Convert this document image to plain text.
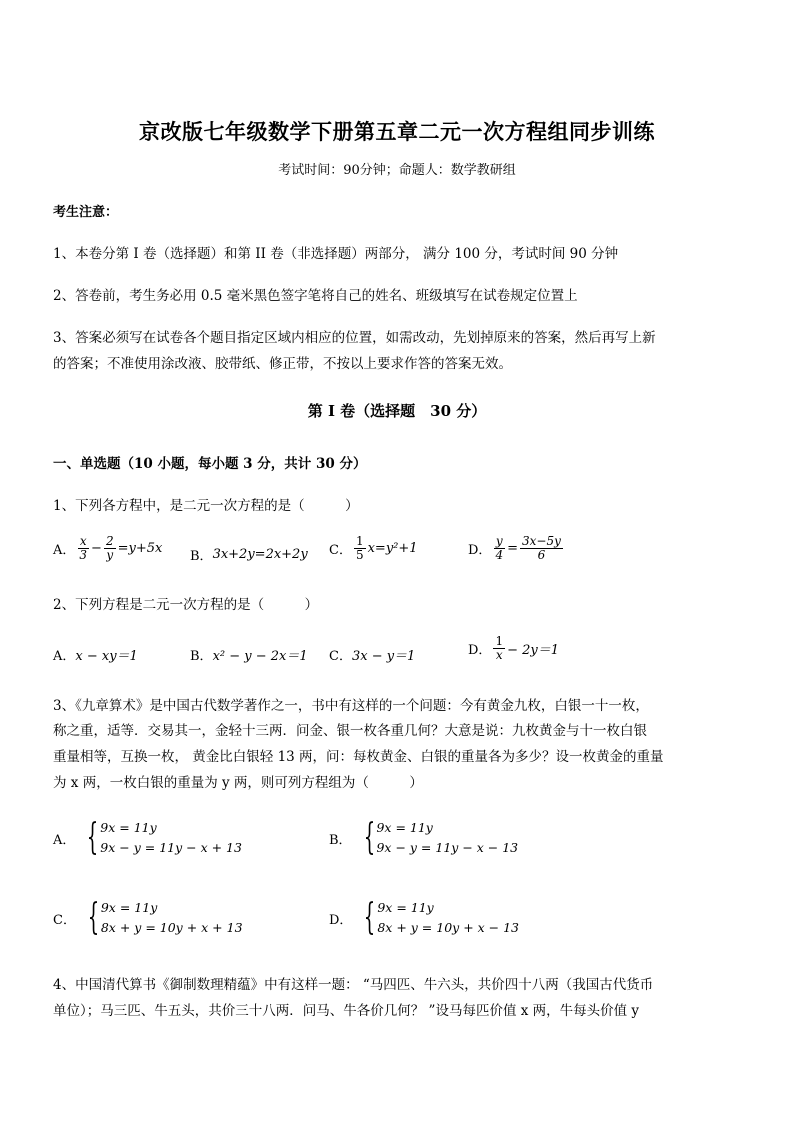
京改版七年级数学下册第五章二元一次方程组同步训练
考试时间：90分钟；命题人：数学教研组
考生注意：
1、本卷分第 I 卷（选择题）和第 II 卷（非选择题）两部分， 满分 100 分，考试时间 90 分钟
2、答卷前，考生务必用 0.5 毫米黑色签字笔将自己的姓名、班级填写在试卷规定位置上
3、答案必须写在试卷各个题目指定区域内相应的位置，如需改动，先划掉原来的答案，然后再写上新
的答案；不准使用涂改液、胶带纸、修正带，不按以上要求作答的答案无效。
第 I 卷（选择题　30 分）
一、单选题（10 小题，每小题 3 分，共计 30 分）
1、下列各方程中，是二元一次方程的是（　　　）
A． $\frac{x}{3} - \frac{2}{y} =y+5x$
B． 3x+2y=2x+2y C． $\frac{1}{5} x=y^2+1$	D． $\frac{y}{4} = \frac{3x-5y}{6}$
2、下列方程是二元一次方程的是（　　　）
A． x − xy＝1	B． x² − y − 2x＝1 C． 3x − y＝1	D． $\frac{1}{x} - 2y=1$
3、《九章算术》是中国古代数学著作之一，书中有这样的一个问题：今有黄金九枚，白银一十一枚，
称之重，适等．交易其一，金轻十三两．问金、银一枚各重几何？大意是说：九枚黄金与十一枚白银
重量相等，互换一枚， 黄金比白银轻 13 两，问：每枚黄金、白银的重量各为多少？设一枚黄金的重量
为 x 两，一枚白银的重量为 y 两，则可列方程组为（　　　）
A． { 9x = 11y
9x − y = 11y − x + 13	B． { 9x = 11y
9x − y = 11y − x − 13
C． { 9x = 11y
8x + y = 10y + x + 13	D． { 9x = 11y
8x + y = 10y + x − 13
4、中国清代算书《御制数理精蕴》中有这样一题： “马四匹、牛六头，共价四十八两（我国古代货币
单位）；马三匹、牛五头，共价三十八两．问马、牛各价几何？ ”设马每匹价值 x 两，牛每头价值 y
